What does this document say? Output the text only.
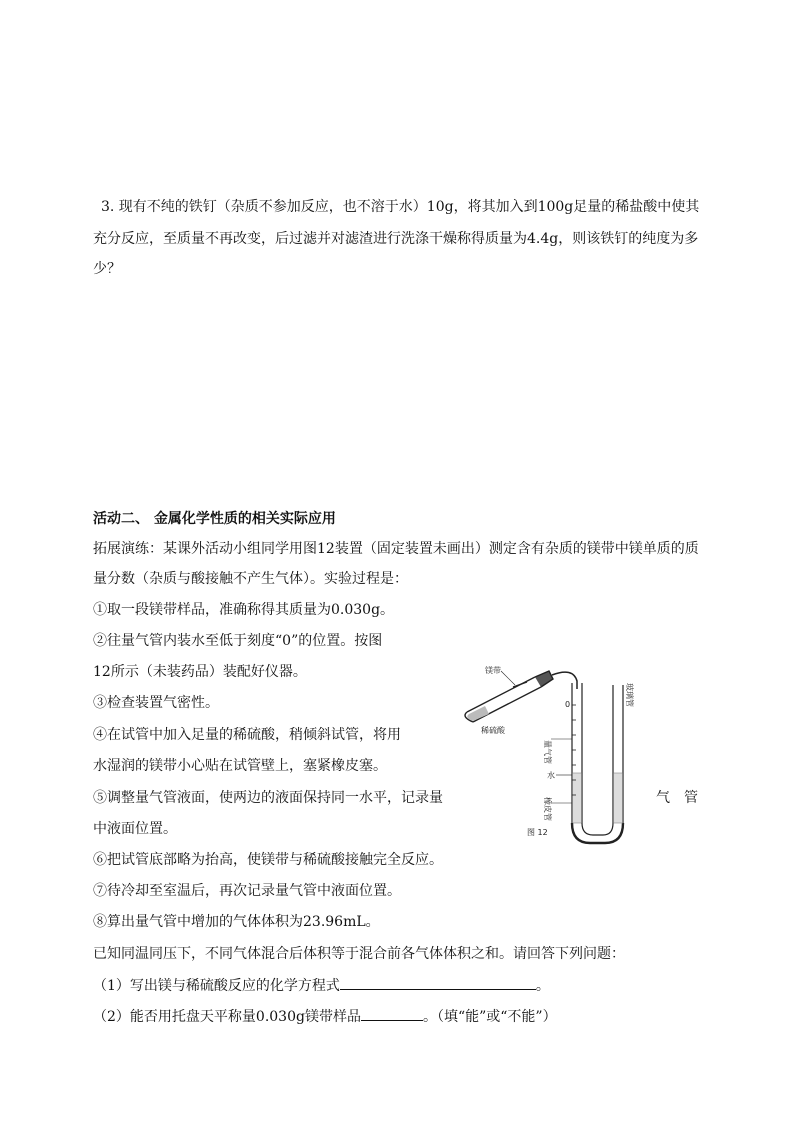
3. 现有不纯的铁钉（杂质不参加反应，也不溶于水）10g，将其加入到100g足量的稀盐酸中使其
充分反应，至质量不再改变，后过滤并对滤渣进行洗涤干燥称得质量为4.4g，则该铁钉的纯度为多
少？
活动二、 金属化学性质的相关实际应用
拓展演练：某课外活动小组同学用图12装置（固定装置未画出）测定含有杂质的镁带中镁单质的质
量分数（杂质与酸接触不产生气体）。实验过程是：
①取一段镁带样品，准确称得其质量为0.030g。
②往量气管内装水至低于刻度“0”的位置。按图
12所示（未装药品）装配好仪器。
③检查装置气密性。
④在试管中加入足量的稀硫酸，稍倾斜试管，将用
水湿润的镁带小心贴在试管壁上，塞紧橡皮塞。
⑤调整量气管液面，使两边的液面保持同一水平，记录量	气　管
中液面位置。
⑥把试管底部略为抬高，使镁带与稀硫酸接触完全反应。
⑦待冷却至室温后，再次记录量气管中液面位置。
⑧算出量气管中增加的气体体积为23.96mL。
已知同温同压下，不同气体混合后体积等于混合前各气体体积之和。请回答下列问题：
（1）写出镁与稀硫酸反应的化学方程式	。
（2）能否用托盘天平称量0.030g镁带样品	。（填“能”或“不能”）
镁带
稀硫酸
0	玻璃管
量气管
水
橡皮管
图 12
